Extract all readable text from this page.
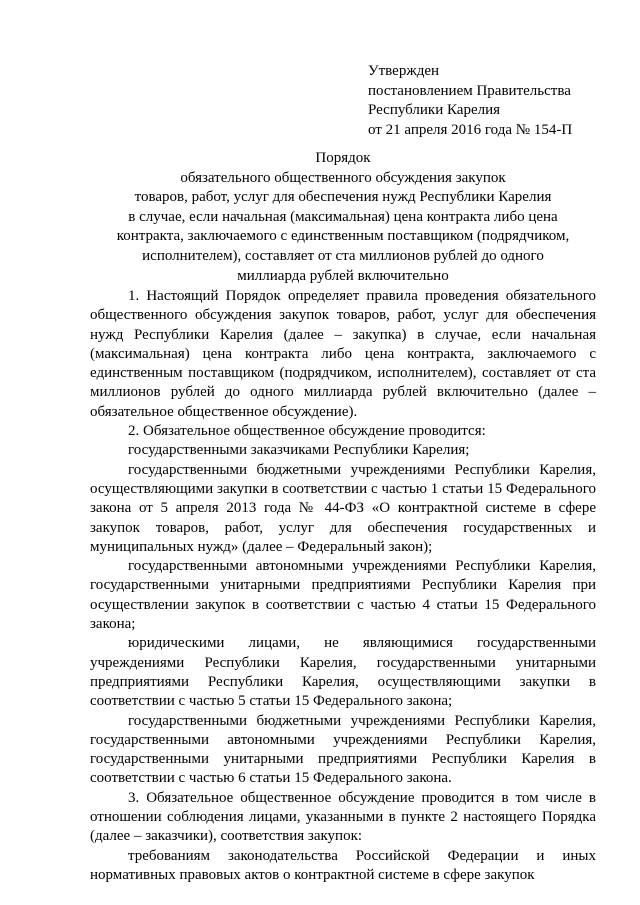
Утвержден
постановлением Правительства
Республики Карелия
от 21 апреля 2016 года № 154-П
Порядок
обязательного общественного обсуждения закупок
товаров, работ, услуг для обеспечения нужд Республики Карелия
в случае, если начальная (максимальная) цена контракта либо цена
контракта, заключаемого с единственным поставщиком (подрядчиком,
исполнителем), составляет от ста миллионов рублей до одного
миллиарда рублей включительно

1. Настоящий Порядок определяет правила проведения обязательного общественного обсуждения закупок товаров, работ, услуг для обеспечения нужд Республики Карелия (далее – закупка) в случае, если начальная (максимальная) цена контракта либо цена контракта, заключаемого с единственным поставщиком (подрядчиком, исполнителем), составляет от ста миллионов рублей до одного миллиарда рублей включительно (далее – обязательное общественное обсуждение).

2. Обязательное общественное обсуждение проводится:

государственными заказчиками Республики Карелия;

государственными бюджетными учреждениями Республики Карелия, осуществляющими закупки в соответствии с частью 1 статьи 15 Федерального закона от 5 апреля 2013 года № 44-ФЗ «О контрактной системе в сфере закупок товаров, работ, услуг для обеспечения государственных и муниципальных нужд» (далее – Федеральный закон);

государственными автономными учреждениями Республики Карелия, государственными унитарными предприятиями Республики Карелия при осуществлении закупок в соответствии с частью 4 статьи 15 Федерального закона;

юридическими лицами, не являющимися государственными учреждениями Республики Карелия, государственными унитарными предприятиями Республики Карелия, осуществляющими закупки в соответствии с частью 5 статьи 15 Федерального закона;

государственными бюджетными учреждениями Республики Карелия, государственными автономными учреждениями Республики Карелия, государственными унитарными предприятиями Республики Карелия в соответствии с частью 6 статьи 15 Федерального закона.

3. Обязательное общественное обсуждение проводится в том числе в отношении соблюдения лицами, указанными в пункте 2 настоящего Порядка (далее – заказчики), соответствия закупок:

требованиям законодательства Российской Федерации и иных нормативных правовых актов о контрактной системе в сфере закупок
